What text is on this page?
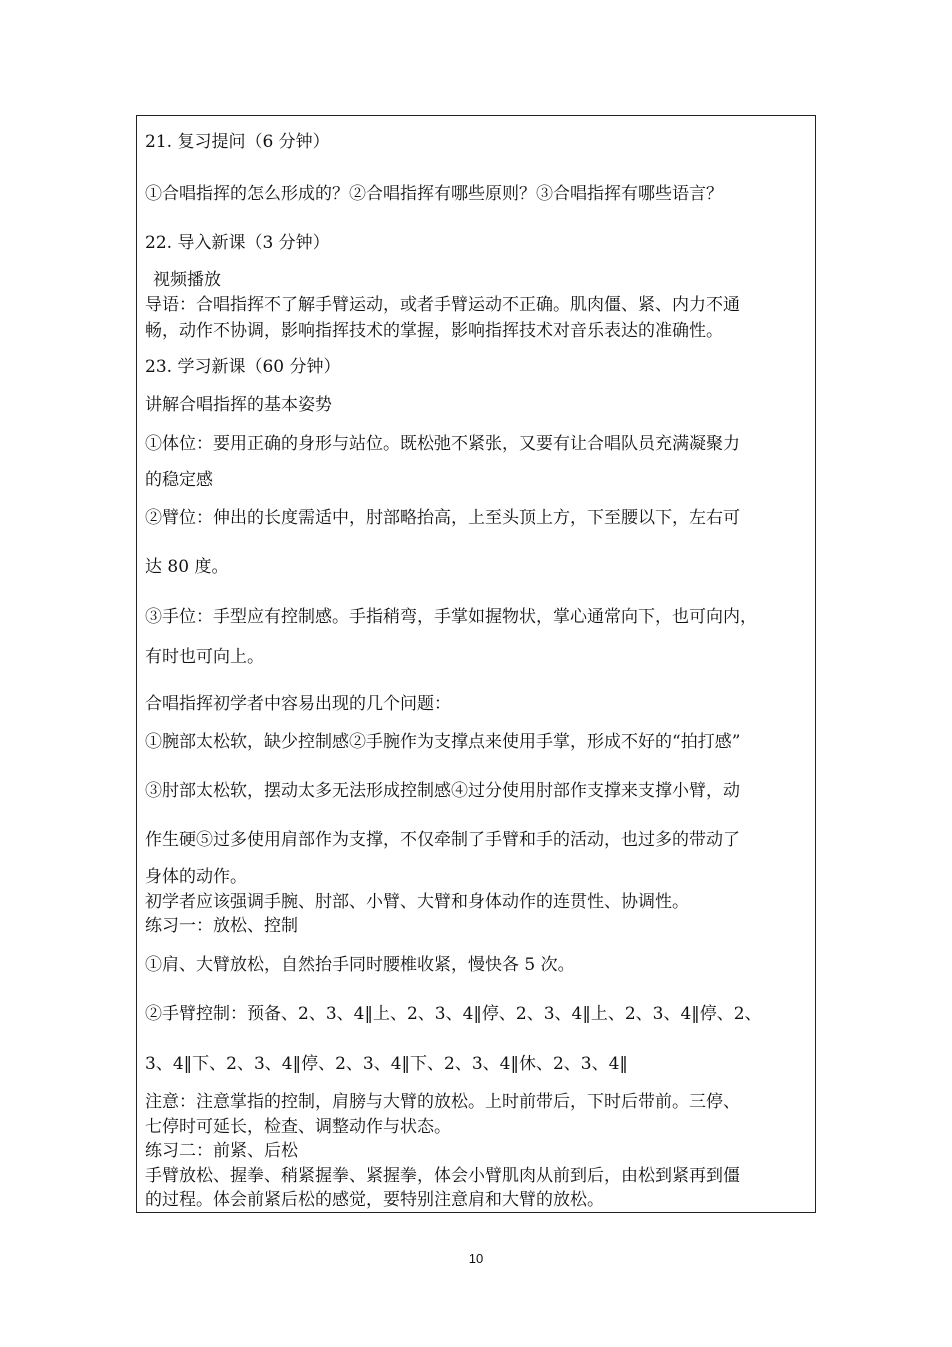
21. 复习提问（6 分钟）
①合唱指挥的怎么形成的？②合唱指挥有哪些原则？③合唱指挥有哪些语言？
22. 导入新课（3 分钟）
视频播放
导语：合唱指挥不了解手臂运动，或者手臂运动不正确。肌肉僵、紧、内力不通
畅，动作不协调，影响指挥技术的掌握，影响指挥技术对音乐表达的准确性。
23. 学习新课（60 分钟）
讲解合唱指挥的基本姿势
①体位：要用正确的身形与站位。既松弛不紧张，又要有让合唱队员充满凝聚力
的稳定感
②臂位：伸出的长度需适中，肘部略抬高，上至头顶上方，下至腰以下，左右可
达 80 度。
③手位：手型应有控制感。手指稍弯，手掌如握物状，掌心通常向下，也可向内，
有时也可向上。
合唱指挥初学者中容易出现的几个问题：
①腕部太松软，缺少控制感②手腕作为支撑点来使用手掌，形成不好的“拍打感”
③肘部太松软，摆动太多无法形成控制感④过分使用肘部作支撑来支撑小臂，动
作生硬⑤过多使用肩部作为支撑，不仅牵制了手臂和手的活动，也过多的带动了
身体的动作。
初学者应该强调手腕、肘部、小臂、大臂和身体动作的连贯性、协调性。
练习一：放松、控制
①肩、大臂放松，自然抬手同时腰椎收紧，慢快各 5 次。
②手臂控制：预备、2、3、4‖上、2、3、4‖停、2、3、4‖上、2、3、4‖停、2、
3、4‖下、2、3、4‖停、2、3、4‖下、2、3、4‖休、2、3、4‖
注意：注意掌指的控制，肩膀与大臂的放松。上时前带后，下时后带前。三停、
七停时可延长，检查、调整动作与状态。
练习二：前紧、后松
手臂放松、握拳、稍紧握拳、紧握拳，体会小臂肌肉从前到后，由松到紧再到僵
的过程。体会前紧后松的感觉，要特别注意肩和大臂的放松。
10
